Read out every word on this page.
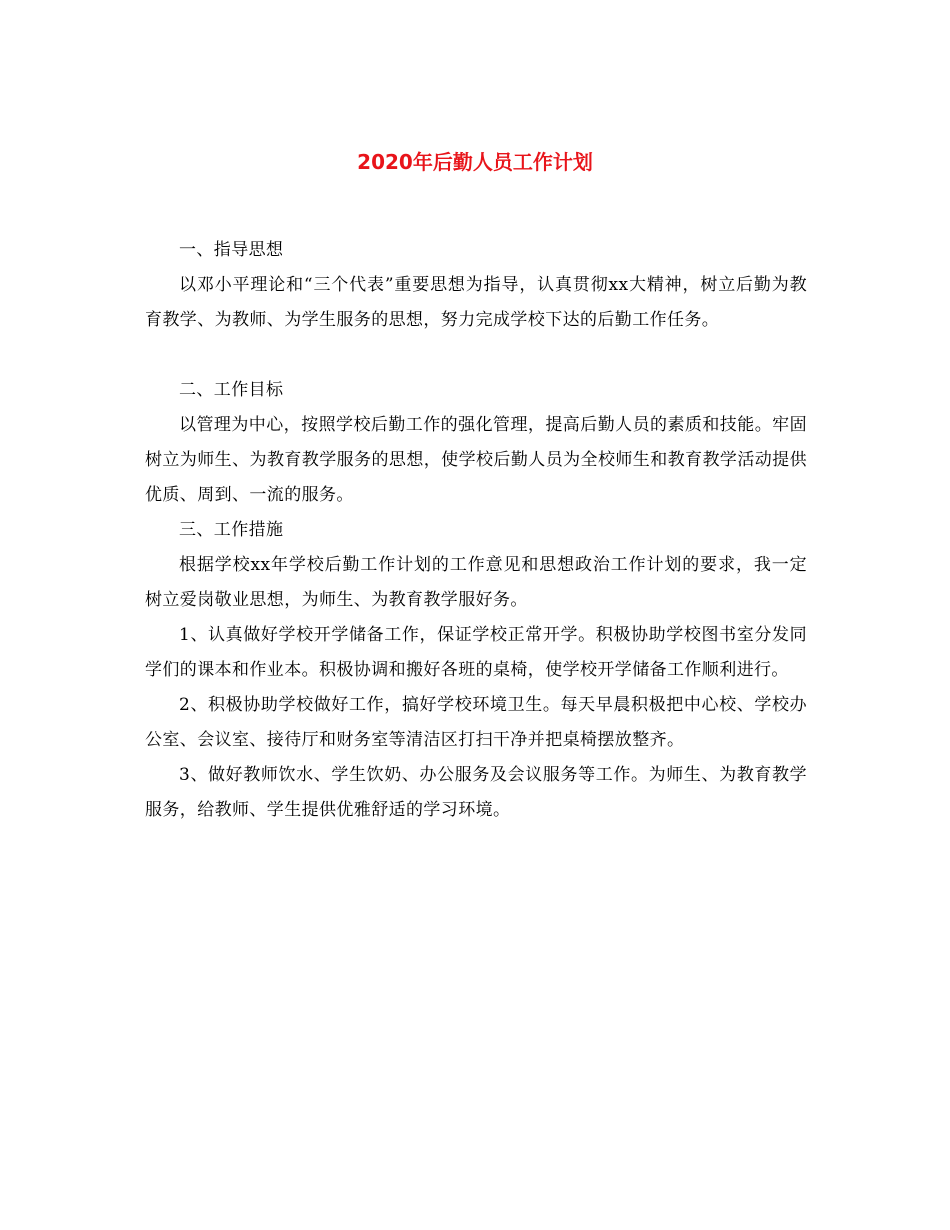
2020年后勤人员工作计划

一、指导思想

以邓小平理论和“三个代表”重要思想为指导，认真贯彻xx大精神，树立后勤为教育教学、为教师、为学生服务的思想，努力完成学校下达的后勤工作任务。

二、工作目标

以管理为中心，按照学校后勤工作的强化管理，提高后勤人员的素质和技能。牢固树立为师生、为教育教学服务的思想，使学校后勤人员为全校师生和教育教学活动提供优质、周到、一流的服务。

三、工作措施

根据学校xx年学校后勤工作计划的工作意见和思想政治工作计划的要求，我一定树立爱岗敬业思想，为师生、为教育教学服好务。

1、认真做好学校开学储备工作，保证学校正常开学。积极协助学校图书室分发同学们的课本和作业本。积极协调和搬好各班的桌椅，使学校开学储备工作顺利进行。

2、积极协助学校做好工作，搞好学校环境卫生。每天早晨积极把中心校、学校办公室、会议室、接待厅和财务室等清洁区打扫干净并把桌椅摆放整齐。

3、做好教师饮水、学生饮奶、办公服务及会议服务等工作。为师生、为教育教学服务，给教师、学生提供优雅舒适的学习环境。
